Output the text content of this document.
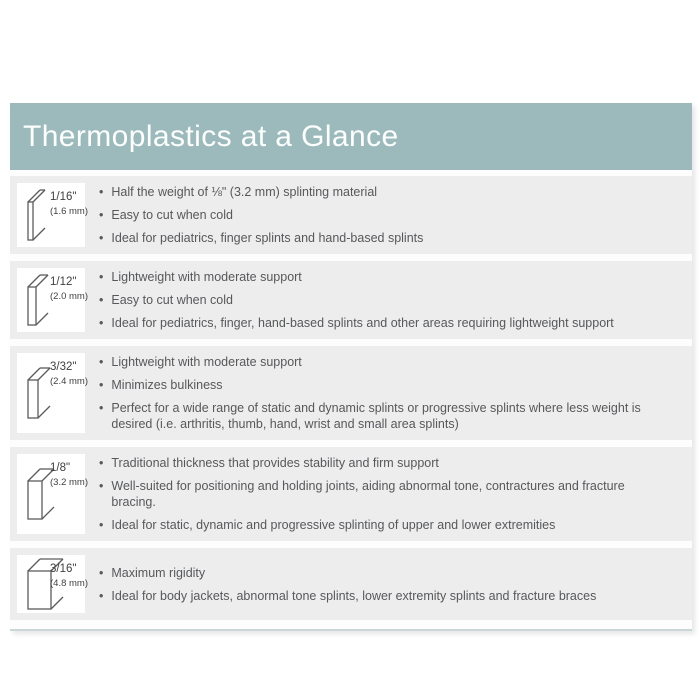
Thermoplastics at a Glance
1/16"
(1.6 mm)
• Half the weight of ⅛" (3.2 mm) splinting material
• Easy to cut when cold
• Ideal for pediatrics, finger splints and hand-based splints
1/12"
(2.0 mm)
• Lightweight with moderate support
• Easy to cut when cold
• Ideal for pediatrics, finger, hand-based splints and other areas requiring lightweight support
3/32"
(2.4 mm)
• Lightweight with moderate support
• Minimizes bulkiness
• Perfect for a wide range of static and dynamic splints or progressive splints where less weight is desired (i.e. arthritis, thumb, hand, wrist and small area splints)
1/8"
(3.2 mm)
• Traditional thickness that provides stability and firm support
• Well-suited for positioning and holding joints, aiding abnormal tone, contractures and fracture bracing.
• Ideal for static, dynamic and progressive splinting of upper and lower extremities
3/16"
(4.8 mm)
• Maximum rigidity
• Ideal for body jackets, abnormal tone splints, lower extremity splints and fracture braces
